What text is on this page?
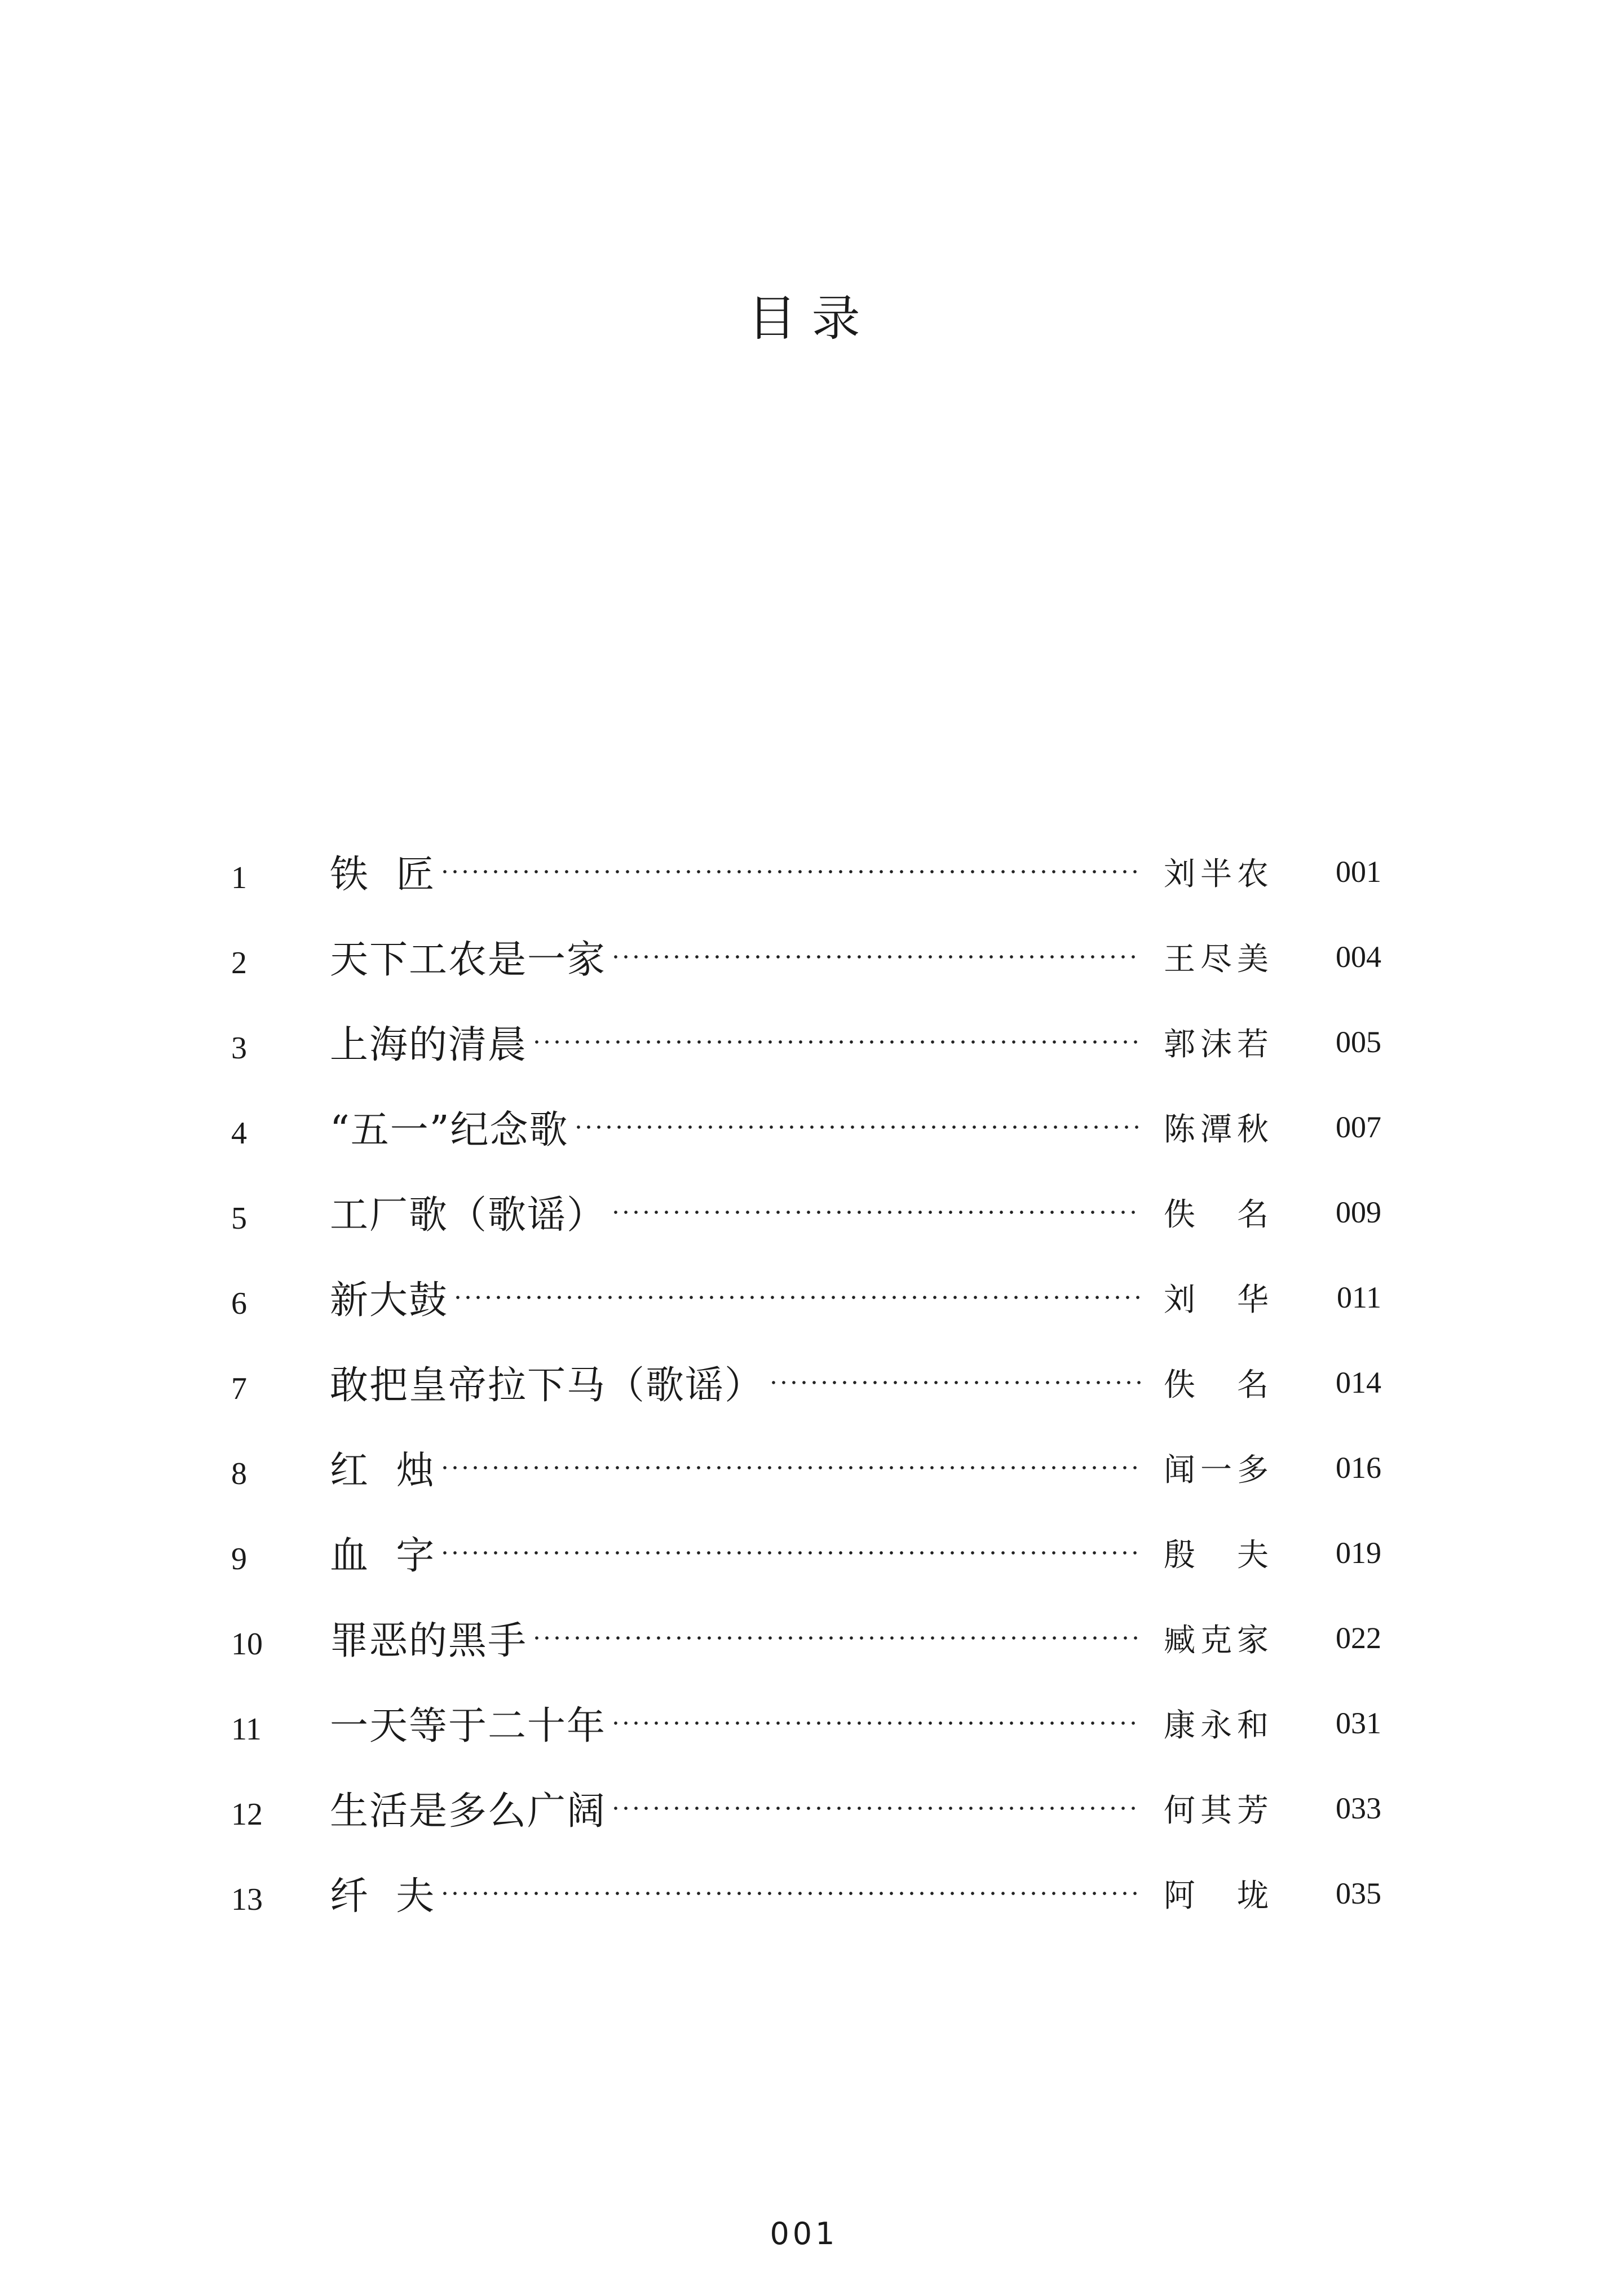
目 录
1	铁  匠	刘半农	001
2	天下工农是一家	王尽美	004
3	上海的清晨	郭沫若	005
4	“五一”纪念歌	陈潭秋	007
5	工厂歌（歌谣）	佚 名	009
6	新大鼓	刘 华	011
7	敢把皇帝拉下马（歌谣）	佚 名	014
8	红  烛	闻一多	016
9	血  字	殷 夫	019
10	罪恶的黑手	臧克家	022
11	一天等于二十年	康永和	031
12	生活是多么广阔	何其芳	033
13	纤  夫	阿 垅	035
001
